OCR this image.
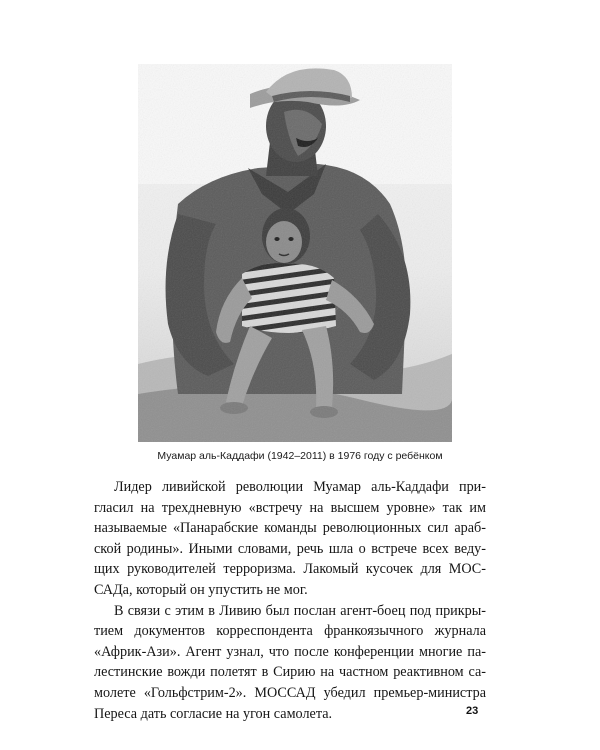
Муамар аль-Каддафи (1942–2011) в 1976 году с ребёнком
Лидер ливийской революции Муамар аль-Каддафи при-
гласил на трехдневную «встречу на высшем уровне» так им
называемые «Панарабские команды революционных сил араб-
ской родины». Иными словами, речь шла о встрече всех веду-
щих руководителей терроризма. Лакомый кусочек для МОС-
САДа, который он упустить не мог.
В связи с этим в Ливию был послан агент-боец под прикры-
тием документов корреспондента франкоязычного журнала
«Африк-Ази». Агент узнал, что после конференции многие па-
лестинские вожди полетят в Сирию на частном реактивном са-
молете «Гольфстрим-2». МОССАД убедил премьер-министра
Переса дать согласие на угон самолета.	23
